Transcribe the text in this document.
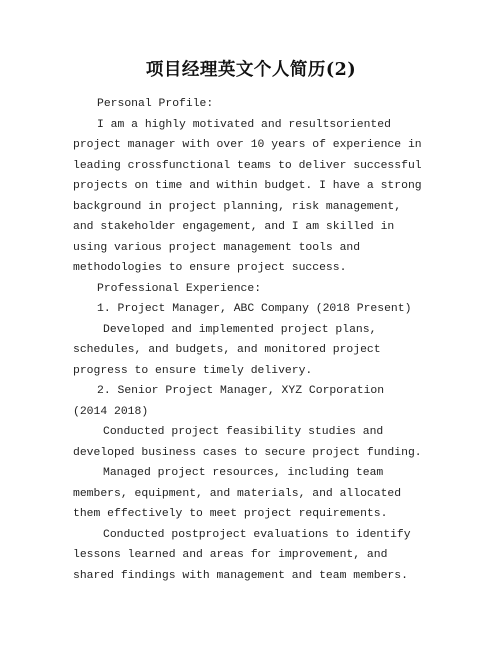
项目经理英文个人简历(2)

Personal Profile:

I am a highly motivated and resultsoriented project manager with over 10 years of experience in leading crossfunctional teams to deliver successful projects on time and within budget. I have a strong background in project planning, risk management, and stakeholder engagement, and I am skilled in using various project management tools and methodologies to ensure project success.

Professional Experience:

1. Project Manager, ABC Company (2018 Present)

Developed and implemented project plans, schedules, and budgets, and monitored project progress to ensure timely delivery.

2. Senior Project Manager, XYZ Corporation (2014 2018)

Conducted project feasibility studies and developed business cases to secure project funding.

Managed project resources, including team members, equipment, and materials, and allocated them effectively to meet project requirements.

Conducted postproject evaluations to identify lessons learned and areas for improvement, and shared findings with management and team members.
